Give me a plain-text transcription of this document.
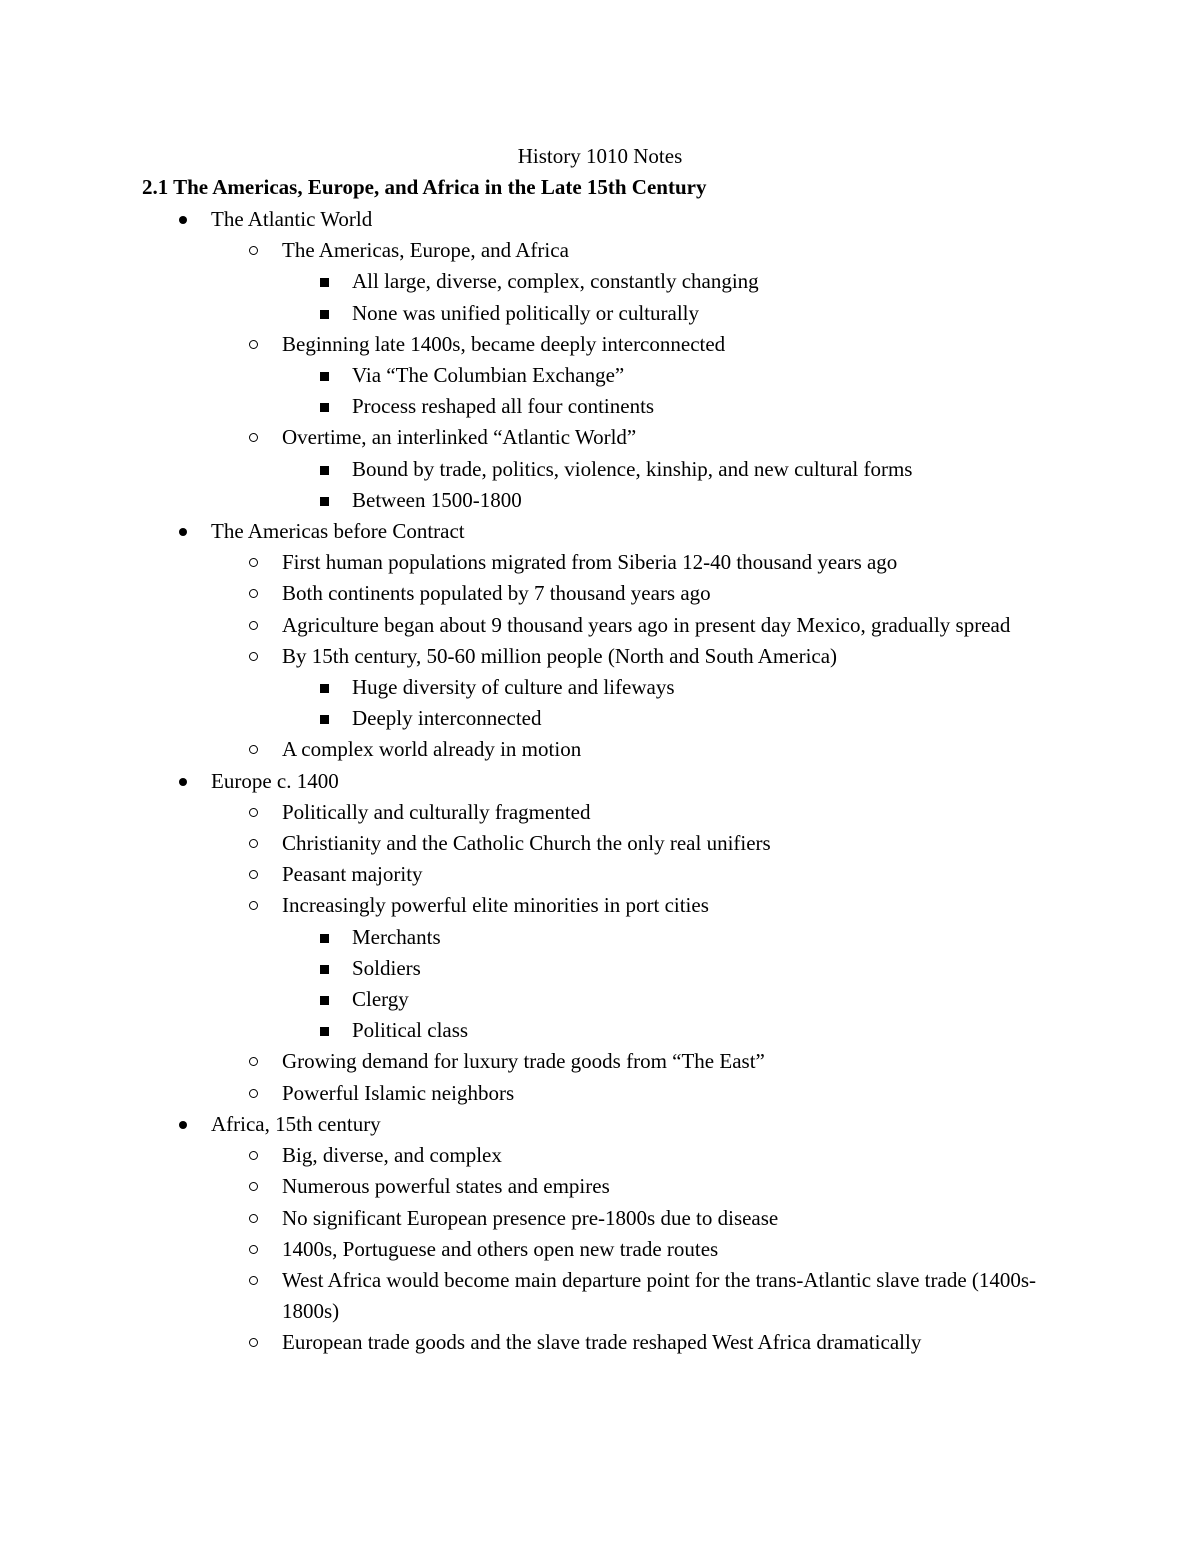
History 1010 Notes
2.1 The Americas, Europe, and Africa in the Late 15th Century
The Atlantic World
The Americas, Europe, and Africa
All large, diverse, complex, constantly changing
None was unified politically or culturally
Beginning late 1400s, became deeply interconnected
Via “The Columbian Exchange”
Process reshaped all four continents
Overtime, an interlinked “Atlantic World”
Bound by trade, politics, violence, kinship, and new cultural forms
Between 1500-1800
The Americas before Contract
First human populations migrated from Siberia 12-40 thousand years ago
Both continents populated by 7 thousand years ago
Agriculture began about 9 thousand years ago in present day Mexico, gradually spread
By 15th century, 50-60 million people (North and South America)
Huge diversity of culture and lifeways
Deeply interconnected
A complex world already in motion
Europe c. 1400
Politically and culturally fragmented
Christianity and the Catholic Church the only real unifiers
Peasant majority
Increasingly powerful elite minorities in port cities
Merchants
Soldiers
Clergy
Political class
Growing demand for luxury trade goods from “The East”
Powerful Islamic neighbors
Africa, 15th century
Big, diverse, and complex
Numerous powerful states and empires
No significant European presence pre-1800s due to disease
1400s, Portuguese and others open new trade routes
West Africa would become main departure point for the trans-Atlantic slave trade (1400s-1800s)
European trade goods and the slave trade reshaped West Africa dramatically
